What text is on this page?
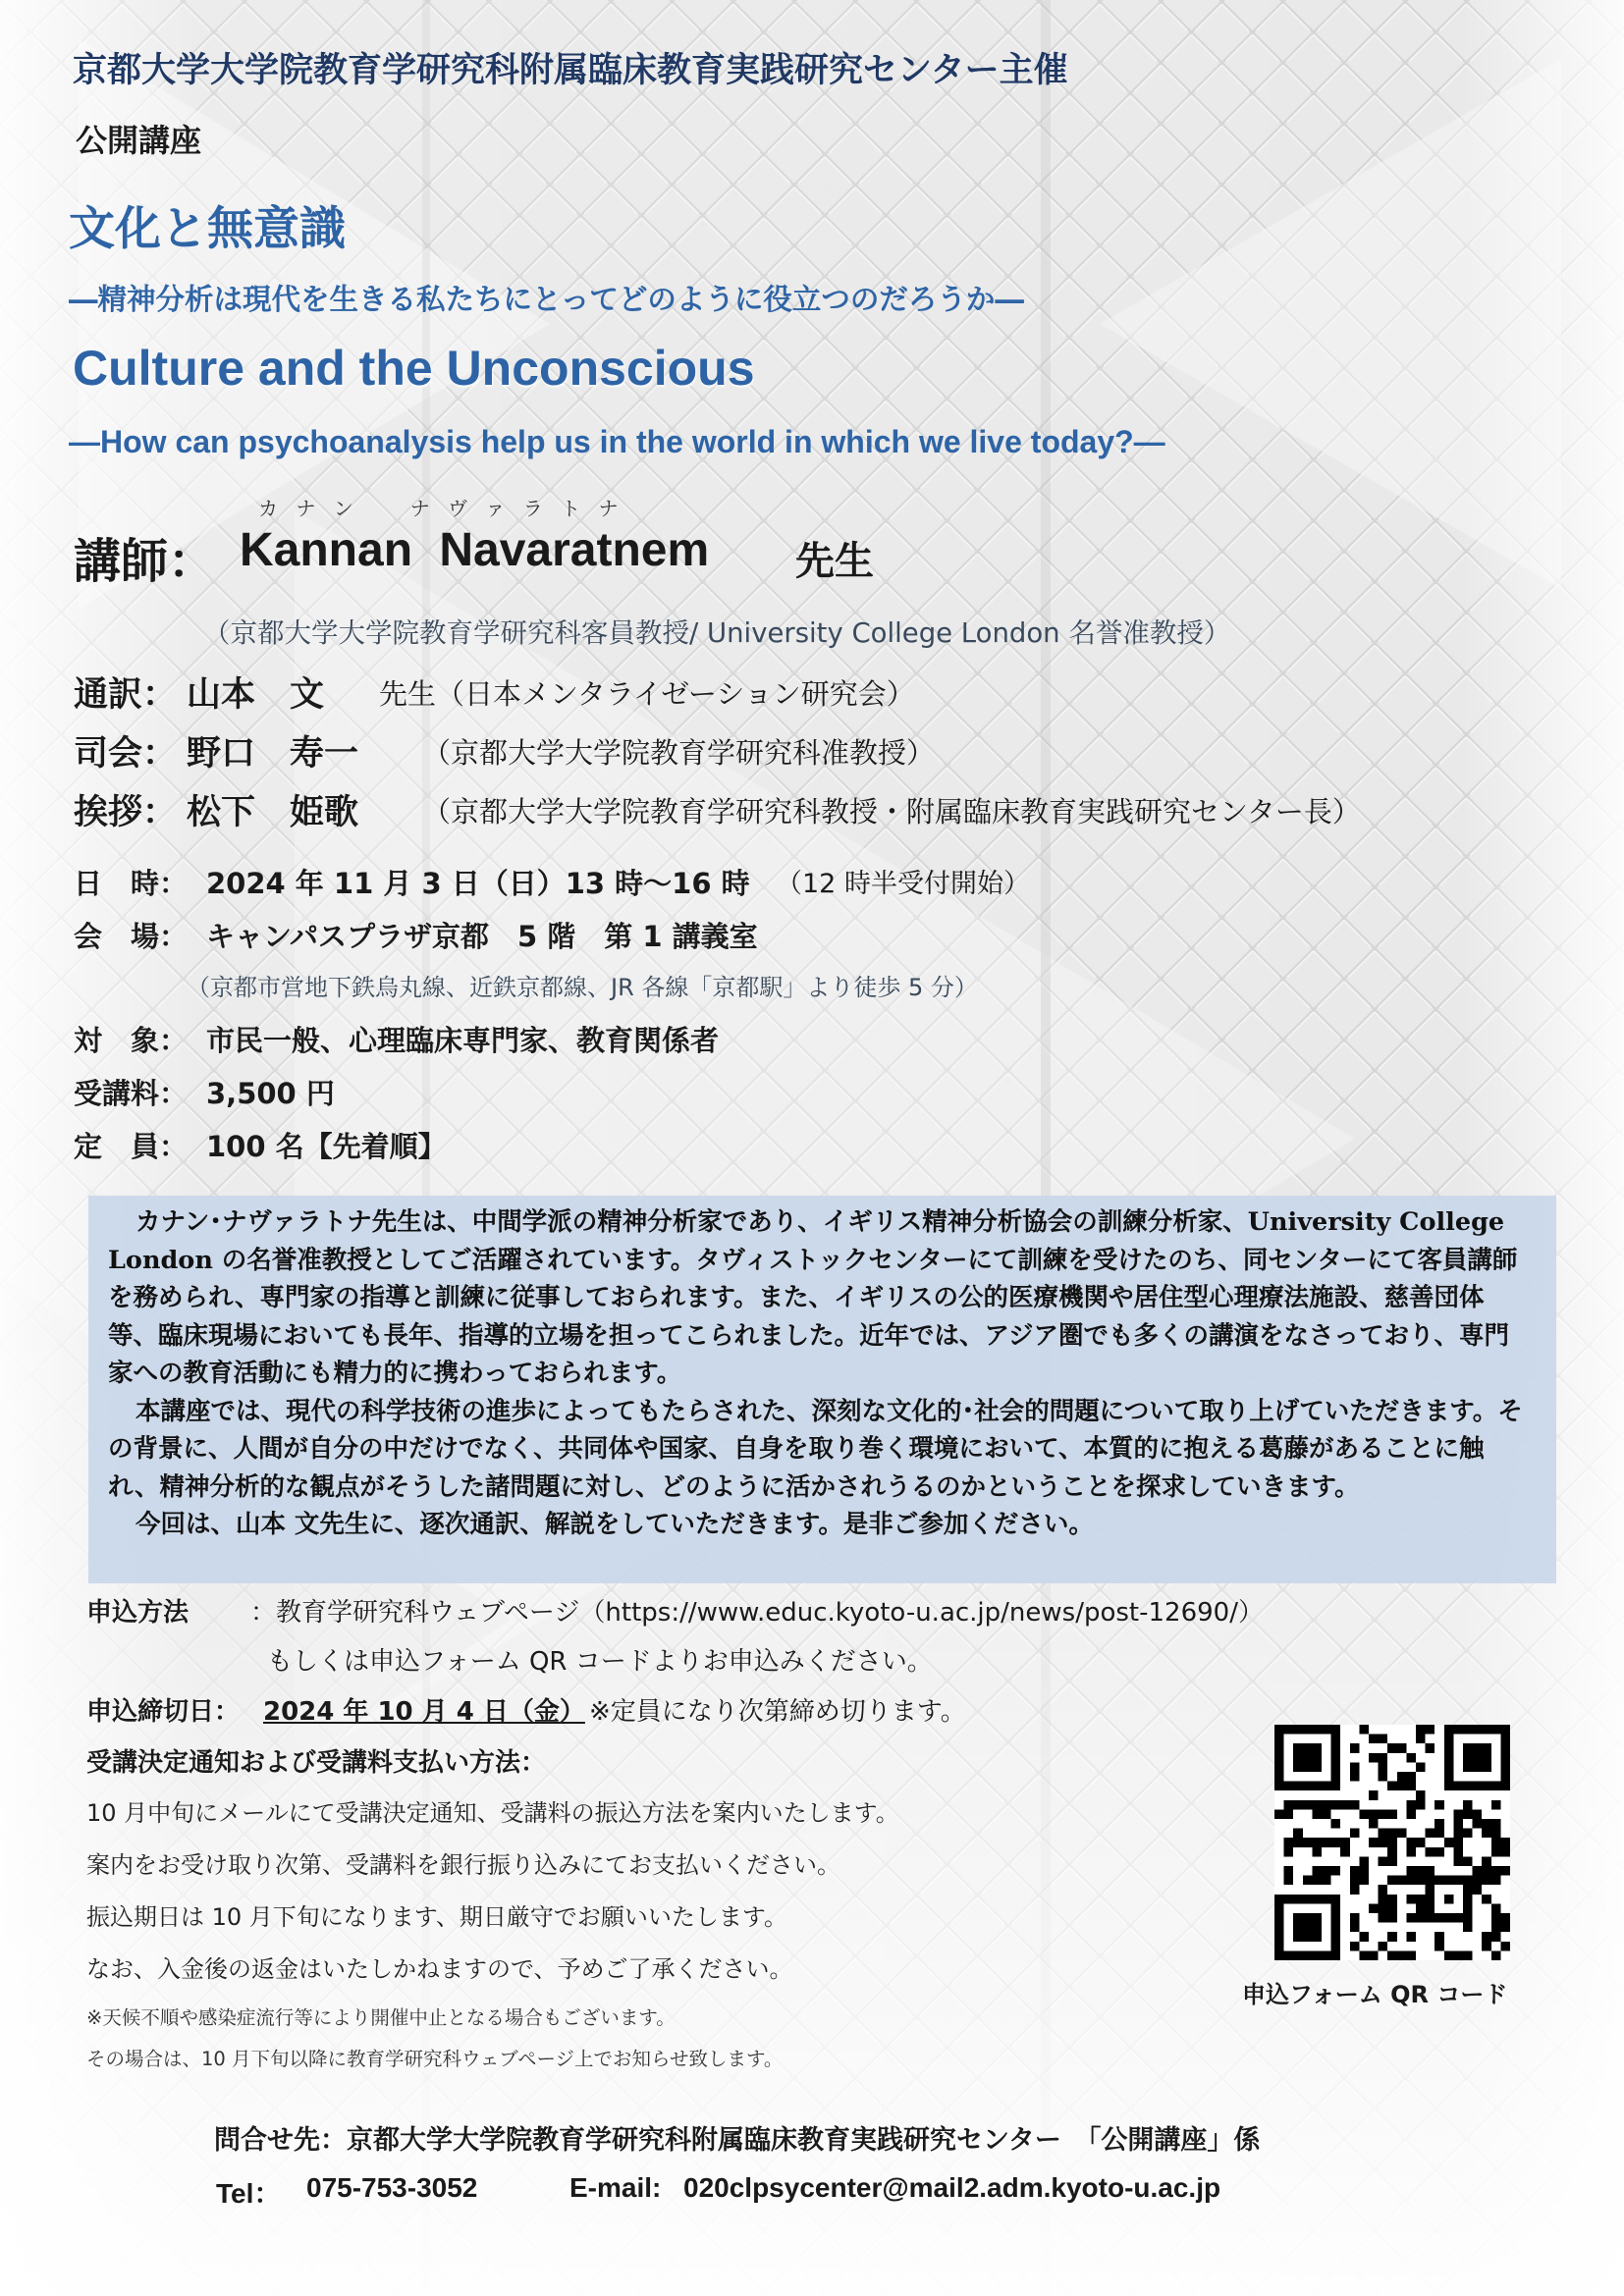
京都大学大学院教育学研究科附属臨床教育実践研究センター主催
公開講座
文化と無意識
―精神分析は現代を生きる私たちにとってどのように役立つのだろうか―
Culture and the Unconscious
―How can psychoanalysis help us in the world in which we live today?―
カ ナ ン　　ナ ヴ ァ ラ ト ナ
講師： Kannan Navaratnem 先生
（京都大学大学院教育学研究科客員教授/ University College London 名誉准教授）
通訳： 山本　文 先生（日本メンタライゼーション研究会）
司会： 野口　寿一 （京都大学大学院教育学研究科准教授）
挨拶： 松下　姫歌 （京都大学大学院教育学研究科教授・附属臨床教育実践研究センター長）
日　時： 2024 年 11 月 3 日（日）13 時～16 時 （12 時半受付開始）
会　場： キャンパスプラザ京都　5 階　第 1 講義室
（京都市営地下鉄烏丸線、近鉄京都線、JR 各線「京都駅」より徒歩 5 分）
対　象： 市民一般、心理臨床専門家、教育関係者
受講料： 3,500 円
定　員： 100 名【先着順】

カナン･ナヴァラトナ先生は、中間学派の精神分析家であり、イギリス精神分析協会の訓練分析家、University College London の名誉准教授としてご活躍されています。タヴィストックセンターにて訓練を受けたのち、同センターにて客員講師を務められ、専門家の指導と訓練に従事しておられます。また、イギリスの公的医療機関や居住型心理療法施設、慈善団体等、臨床現場においても長年、指導的立場を担ってこられました。近年では、アジア圏でも多くの講演をなさっており、専門家への教育活動にも精力的に携わっておられます。

本講座では、現代の科学技術の進歩によってもたらされた、深刻な文化的･社会的問題について取り上げていただきます。その背景に、人間が自分の中だけでなく、共同体や国家、自身を取り巻く環境において、本質的に抱える葛藤があることに触れ、精神分析的な観点がそうした諸問題に対し、どのように活かされうるのかということを探求していきます。

今回は、山本 文先生に、逐次通訳、解説をしていただきます。是非ご参加ください。

申込方法 ：教育学研究科ウェブページ（https://www.educ.kyoto-u.ac.jp/news/post-12690/）
もしくは申込フォーム QR コードよりお申込みください。
申込締切日： 2024 年 10 月 4 日（金） ※定員になり次第締め切ります。
受講決定通知および受講料支払い方法：
10 月中旬にメールにて受講決定通知、受講料の振込方法を案内いたします。
案内をお受け取り次第、受講料を銀行振り込みにてお支払いください。
振込期日は 10 月下旬になります、期日厳守でお願いいたします。
なお、入金後の返金はいたしかねますので、予めご了承ください。
※天候不順や感染症流行等により開催中止となる場合もございます。
その場合は、10 月下旬以降に教育学研究科ウェブページ上でお知らせ致します。
申込フォーム QR コード
問合せ先：京都大学大学院教育学研究科附属臨床教育実践研究センター　「公開講座」係
Tel： 075-753-3052	E-mail: 020clpsycenter@mail2.adm.kyoto-u.ac.jp
